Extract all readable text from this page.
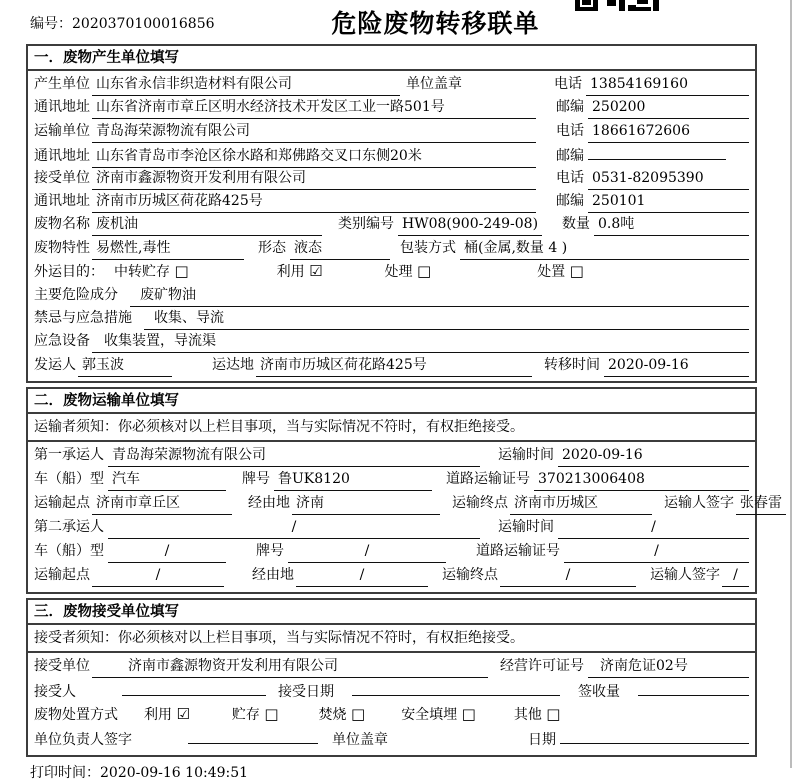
编号：2020370100016856	危险废物转移联单
一．废物产生单位填写
产生单位 山东省永信非织造材料有限公司	单位盖章	电话 13854169160
通讯地址 山东省济南市章丘区明水经济技术开发区工业一路501号	邮编 250200
运输单位 青岛海荣源物流有限公司	电话 18661672606
通讯地址 山东省青岛市李沧区徐水路和郑佛路交叉口东侧20米	邮编
接受单位 济南市鑫源物资开发利用有限公司	电话 0531-82095390
通讯地址 济南市历城区荷花路425号	邮编 250101
废物名称 废机油	类别编号 HW08(900-249-08) 数量 0.8吨
废物特性 易燃性,毒性	形态 液态	包装方式 桶(金属,数量 4 )
外运目的： 中转贮存 □	利用 ☑	处理 □	处置 □
主要危险成分	废矿物油
禁忌与应急措施	收集、导流
应急设备	收集装置，导流渠
发运人 郭玉波	运达地 济南市历城区荷花路425号	转移时间 2020-09-16
二．废物运输单位填写
运输者须知：你必须核对以上栏目事项，当与实际情况不符时，有权拒绝接受。
第一承运人 青岛海荣源物流有限公司	运输时间 2020-09-16
车（船）型 汽车	牌号 鲁UK8120	道路运输证号 370213006408
运输起点 济南市章丘区	经由地 济南	运输终点 济南市历城区	运输人签字 张春雷
第二承运人	/	运输时间	/
车（船）型	/	牌号	/	道路运输证号	/
运输起点	/	经由地	/	运输终点	/	运输人签字 /
三．废物接受单位填写
接受者须知：你必须核对以上栏目事项，当与实际情况不符时，有权拒绝接受。
接受单位	济南市鑫源物资开发利用有限公司	经营许可证号	济南危证02号
接受人	接受日期	签收量
废物处置方式 利用 ☑	贮存 □	焚烧 □	安全填埋 □	其他 □
单位负责人签字	单位盖章	日期
打印时间：2020-09-16 10:49:51
